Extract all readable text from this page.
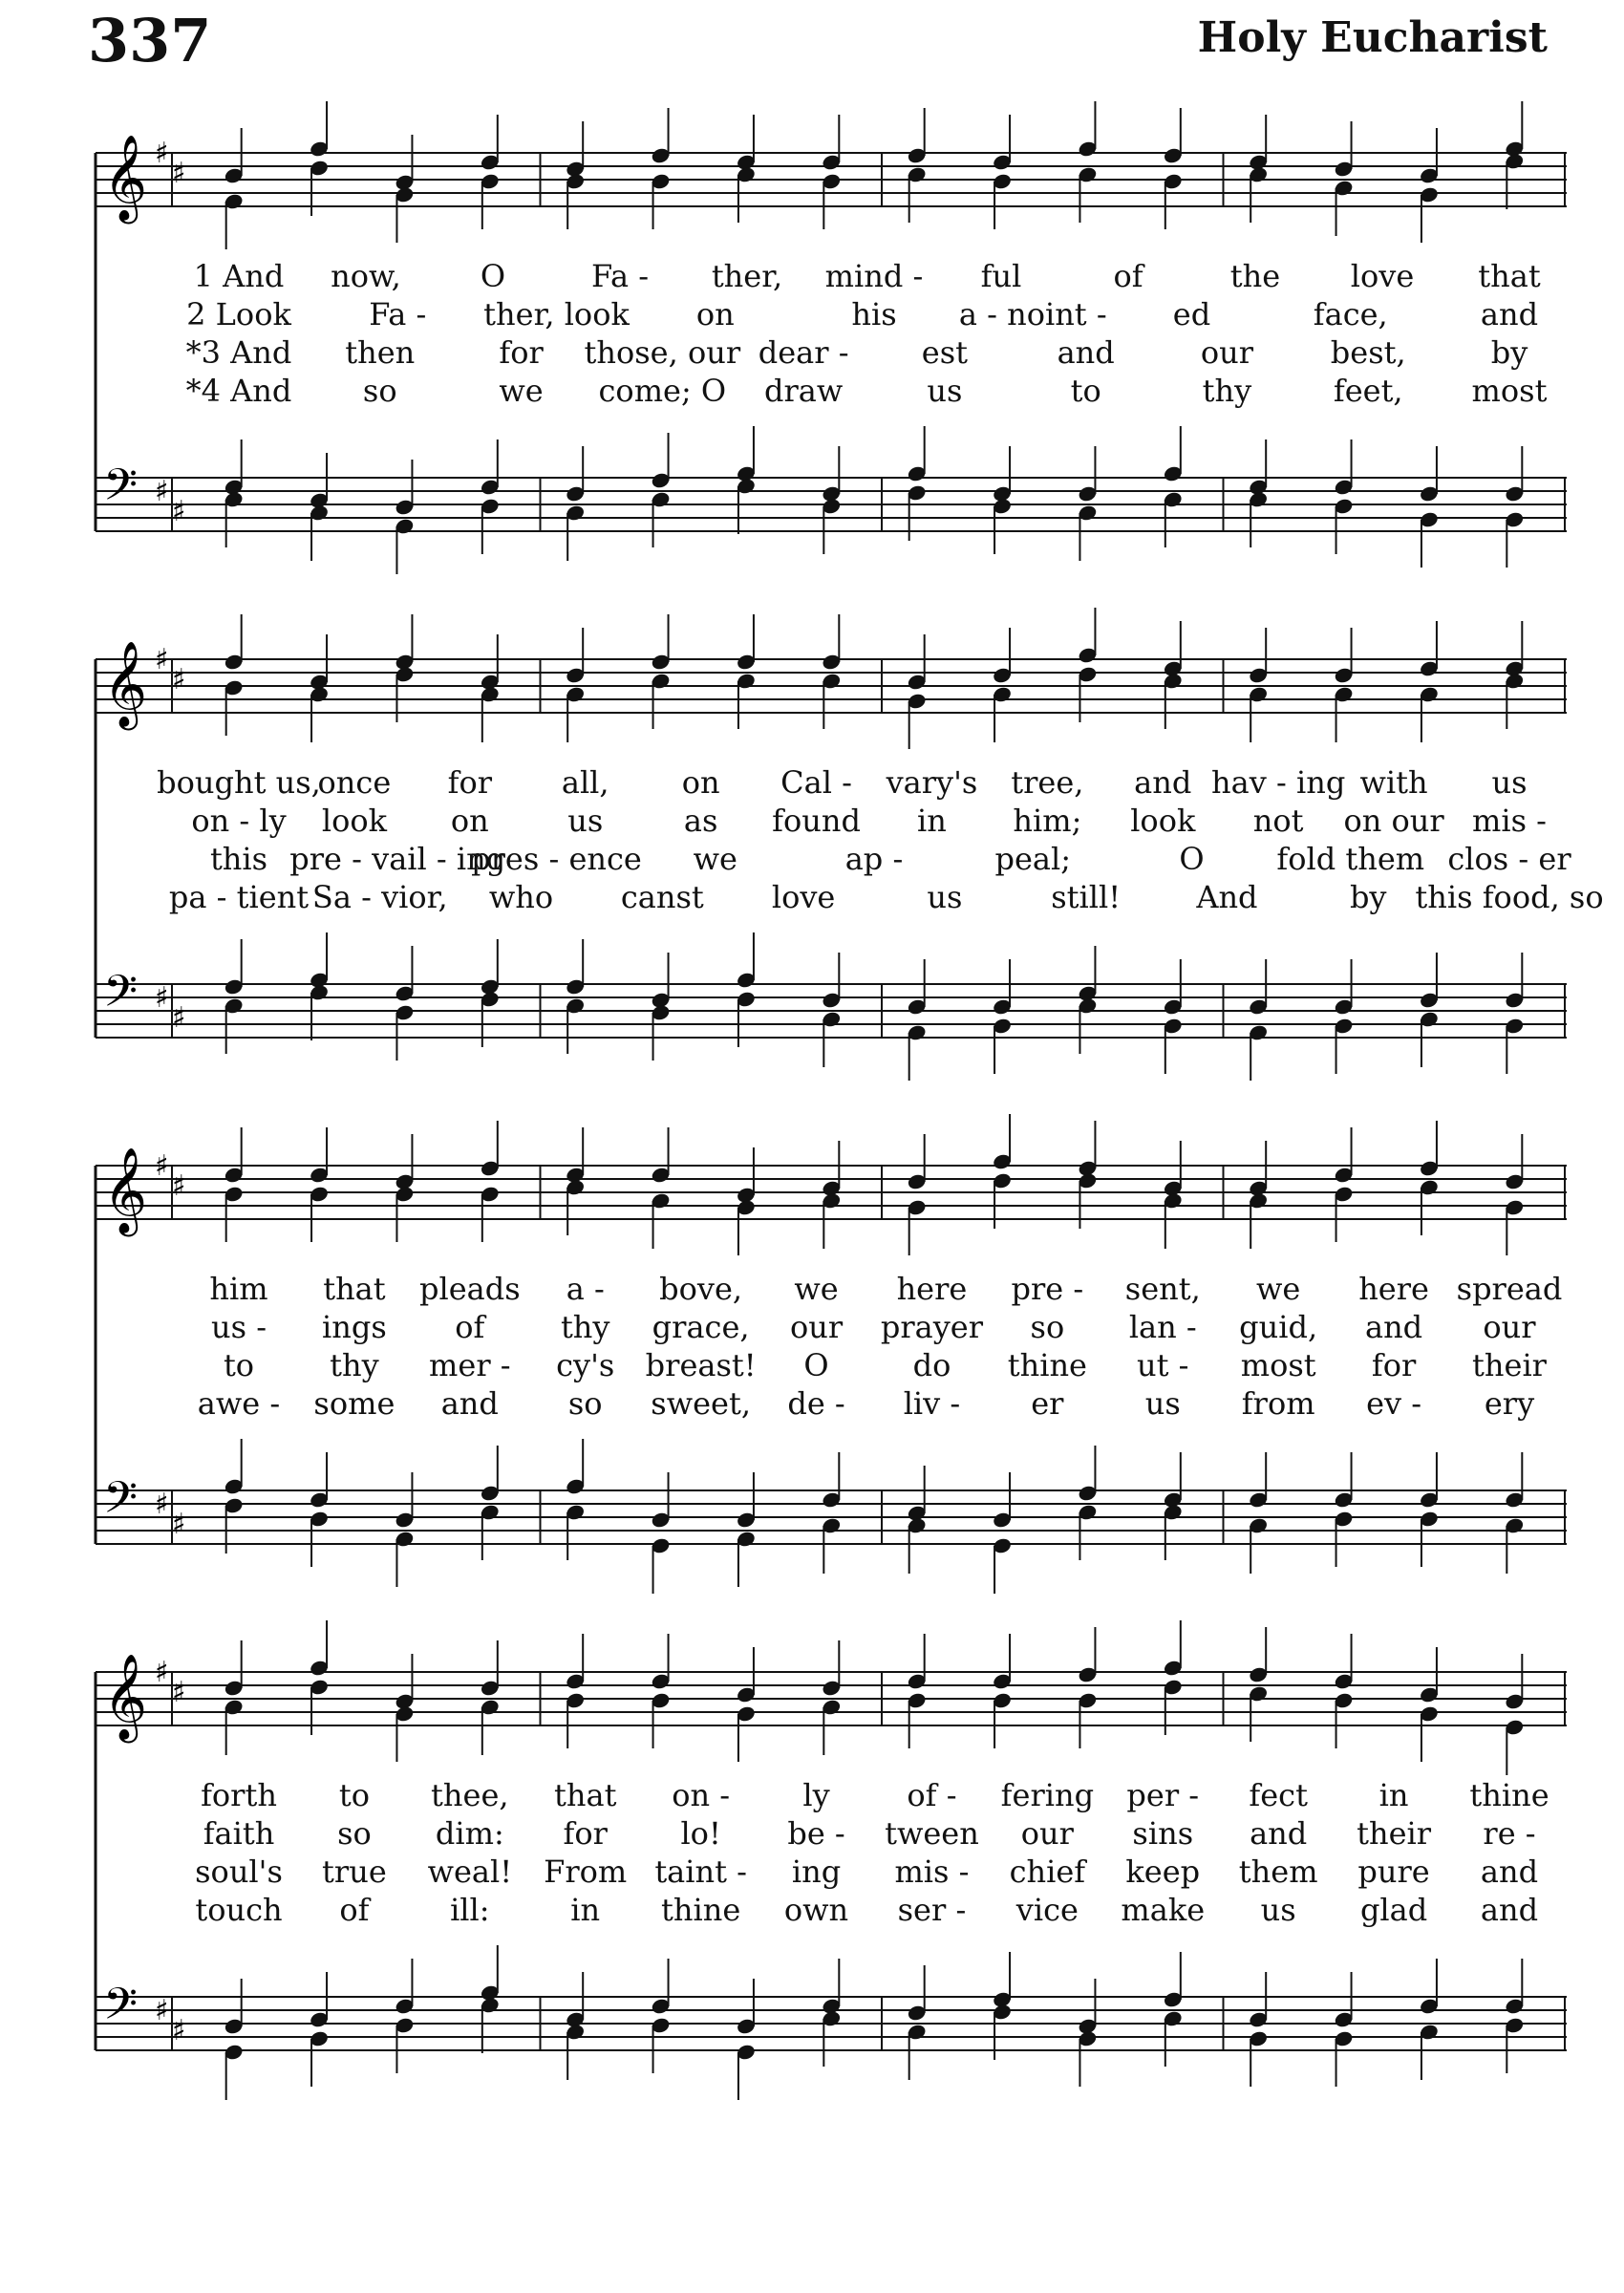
337	Holy Eucharist
𝄞 ♯
♯
𝄢 ♯
♯
1 And now,	O	Fa - ther, mind - ful	of	the love that
2 Look	Fa - ther, look on	his a - noint - ed	face,	and
*3 And then	for those, our dear - est	and	our	best,	by
*4 And so	we come; O draw	us	to	thy	feet, most
𝄞 ♯
♯
𝄢 ♯
♯
bought us,
once for all, on Cal - vary's tree, and hav - ing with us
on - ly look on	us	as found in him; look not on our mis -
this pre - vail - ing
pres - ence we	ap -	peal;	O fold them clos - er
pa - tient Sa - vior, who canst love	us	still! And	by this food, so
𝄞 ♯
♯
𝄢 ♯
♯
him that pleads a - bove, we here pre - sent, we here spread
us - ings of thy grace, our prayer so lan - guid, and our
to thy mer - cy's breast! O	do thine ut - most for their
awe - some and so sweet, de - liv - er	us from ev - ery
𝄞 ♯
♯
𝄢 ♯
♯
forth to thee, that on - ly	of - fering per - fect in thine
faith so dim: for lo! be - tween our sins and their re -
soul's true weal! From taint - ing mis - chief keep them pure and
touch of	ill:	in thine own ser - vice make us glad and
